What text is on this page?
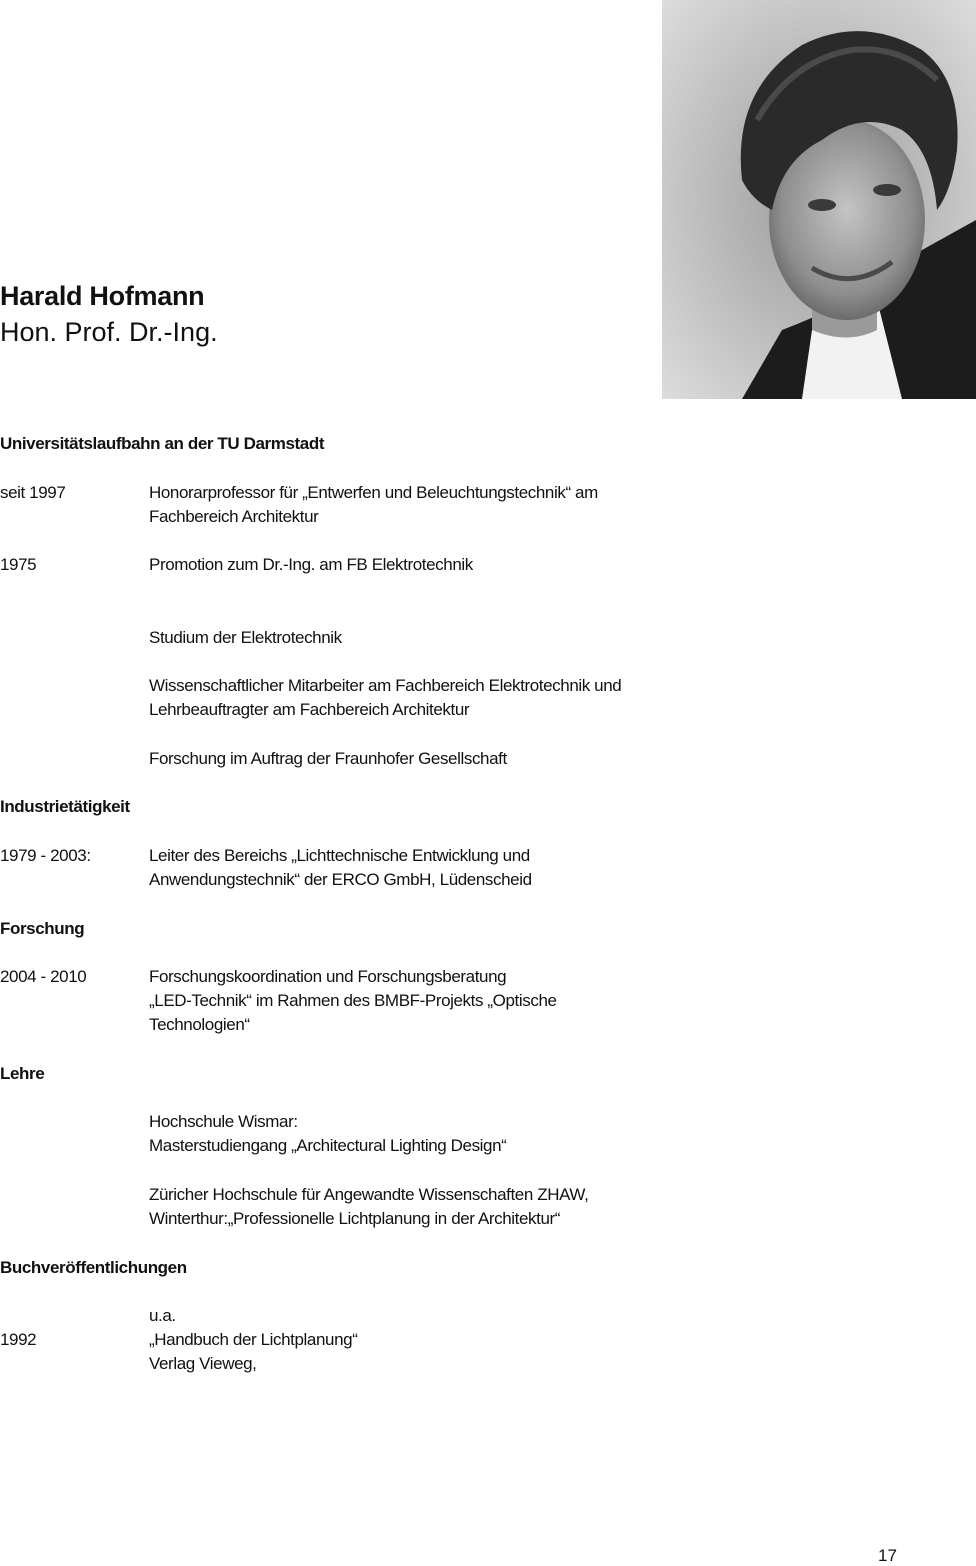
Harald Hofmann
Hon. Prof. Dr.-Ing.
Universitätslaufbahn an der TU Darmstadt
seit 1997	Honorarprofessor für „Entwerfen und Beleuchtungstechnik“ am
Fachbereich Architektur
1975	Promotion zum Dr.-Ing. am FB Elektrotechnik
Studium der Elektrotechnik
Wissenschaftlicher Mitarbeiter am Fachbereich Elektrotechnik und
Lehrbeauftragter am Fachbereich Architektur
Forschung im Auftrag der Fraunhofer Gesellschaft
Industrietätigkeit
1979 - 2003:	Leiter des Bereichs „Lichttechnische Entwicklung und
Anwendungstechnik“ der ERCO GmbH, Lüdenscheid
Forschung
2004 - 2010	Forschungskoordination und Forschungsberatung
„LED-Technik“ im Rahmen des BMBF-Projekts „Optische
Technologien“
Lehre
Hochschule Wismar:
Masterstudiengang „Architectural Lighting Design“
Züricher Hochschule für Angewandte Wissenschaften ZHAW,
Winterthur:„Professionelle Lichtplanung in der Architektur“
Buchveröffentlichungen
u.a.
1992	„Handbuch der Lichtplanung“
Verlag Vieweg,
17
